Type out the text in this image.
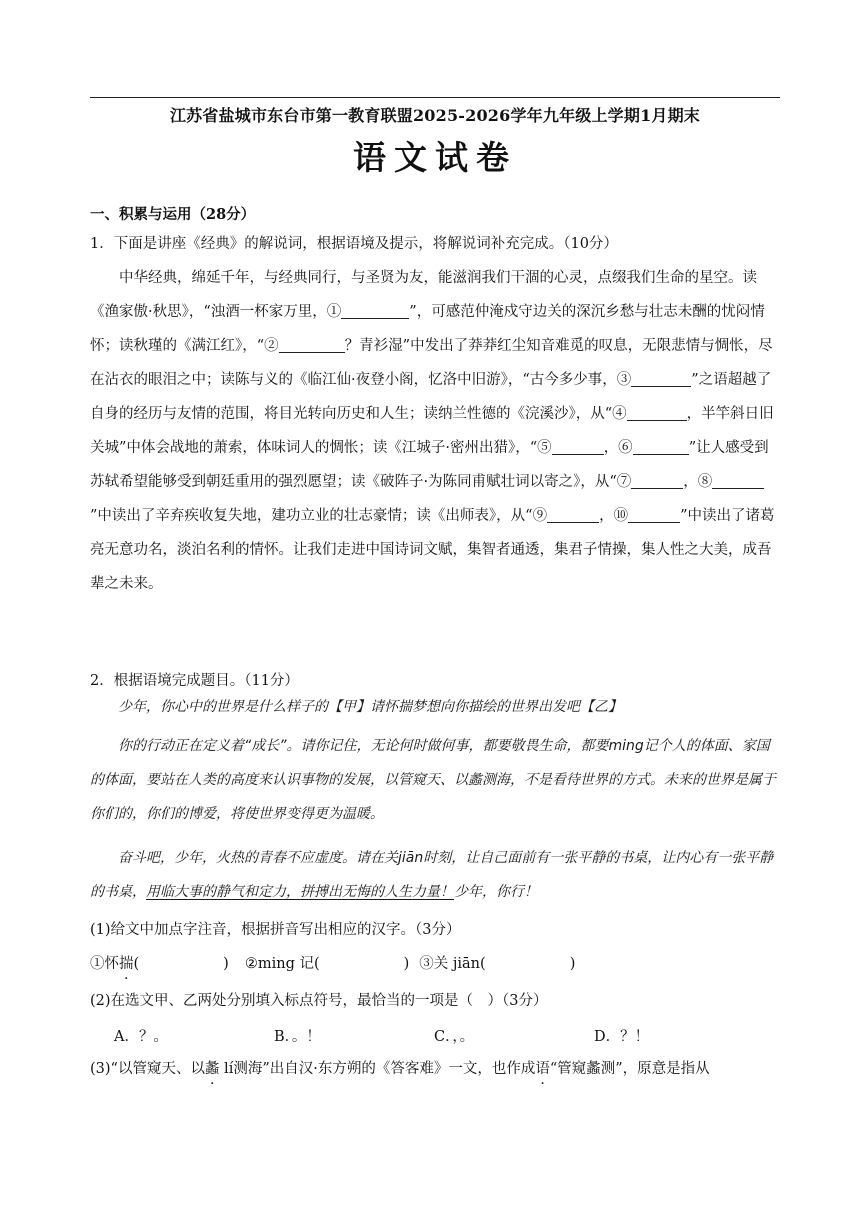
江苏省盐城市东台市第一教育联盟2025-2026学年九年级上学期1月期末
语文试卷
一、积累与运用（28分）
1．下面是讲座《经典》的解说词，根据语境及提示，将解说词补充完成。（10分）
中华经典，绵延千年，与经典同行，与圣贤为友，能滋润我们干涸的心灵，点缀我们生命的星空。读《渔家傲·秋思》，“浊酒一杯家万里，①	”，可感范仲淹戍守边关的深沉乡愁与壮志未酬的忧闷情怀；读秋瑾的《满江红》，“②	？青衫湿”中发出了莽莽红尘知音难觅的叹息，无限悲情与惆怅，尽在沾衣的眼泪之中；读陈与义的《临江仙·夜登小阁，忆洛中旧游》，“古今多少事，③	”之语超越了自身的经历与友情的范围，将目光转向历史和人生；读纳兰性德的《浣溪沙》，从“④	，半竿斜日旧关城”中体会战地的萧索，体味词人的惆怅；读《江城子·密州出猎》，“⑤	，⑥	”让人感受到苏轼希望能够受到朝廷重用的强烈愿望；读《破阵子·为陈同甫赋壮词以寄之》，从“⑦	，⑧”中读出了辛弃疾收复失地，建功立业的壮志豪情；读《出师表》，从“⑨	，⑩	”中读出了诸葛亮无意功名，淡泊名利的情怀。让我们走进中国诗词文赋，集智者通透，集君子情操，集人性之大美，成吾辈之未来。
2．根据语境完成题目。（11分）
少年，你心中的世界是什么样子的【甲】请怀揣梦想向你描绘的世界出发吧【乙】
你的行动正在定义着“成长”。请你记住，无论何时做何事，都要敬畏生命，都要ming记个人的体面、家国的体面，要站在人类的高度来认识事物的发展，以管窥天、以蠡测海，不是看待世界的方式。未来的世界是属于你们的，你们的博爱，将使世界变得更为温暖。
奋斗吧，少年，火热的青春不应虚度。请在关jiān时刻，让自己面前有一张平静的书桌，让内心有一张平静的书桌，用临大事的静气和定力，拼搏出无悔的人生力量！少年，你行！
(1)给文中加点字注音，根据拼音写出相应的汉字。（3分）
①怀揣(	) ②ming 记(	) ③关 jiān(	)
(2)在选文甲、乙两处分别填入标点符号，最恰当的一项是（　）（3分）
A．？。	B．。！	C．，。	D．？！
(3)“以管窥天、以蠡 lí测海”出自汉·东方朔的《答客难》一文，也作成语“管窥蠡测”，原意是指从
